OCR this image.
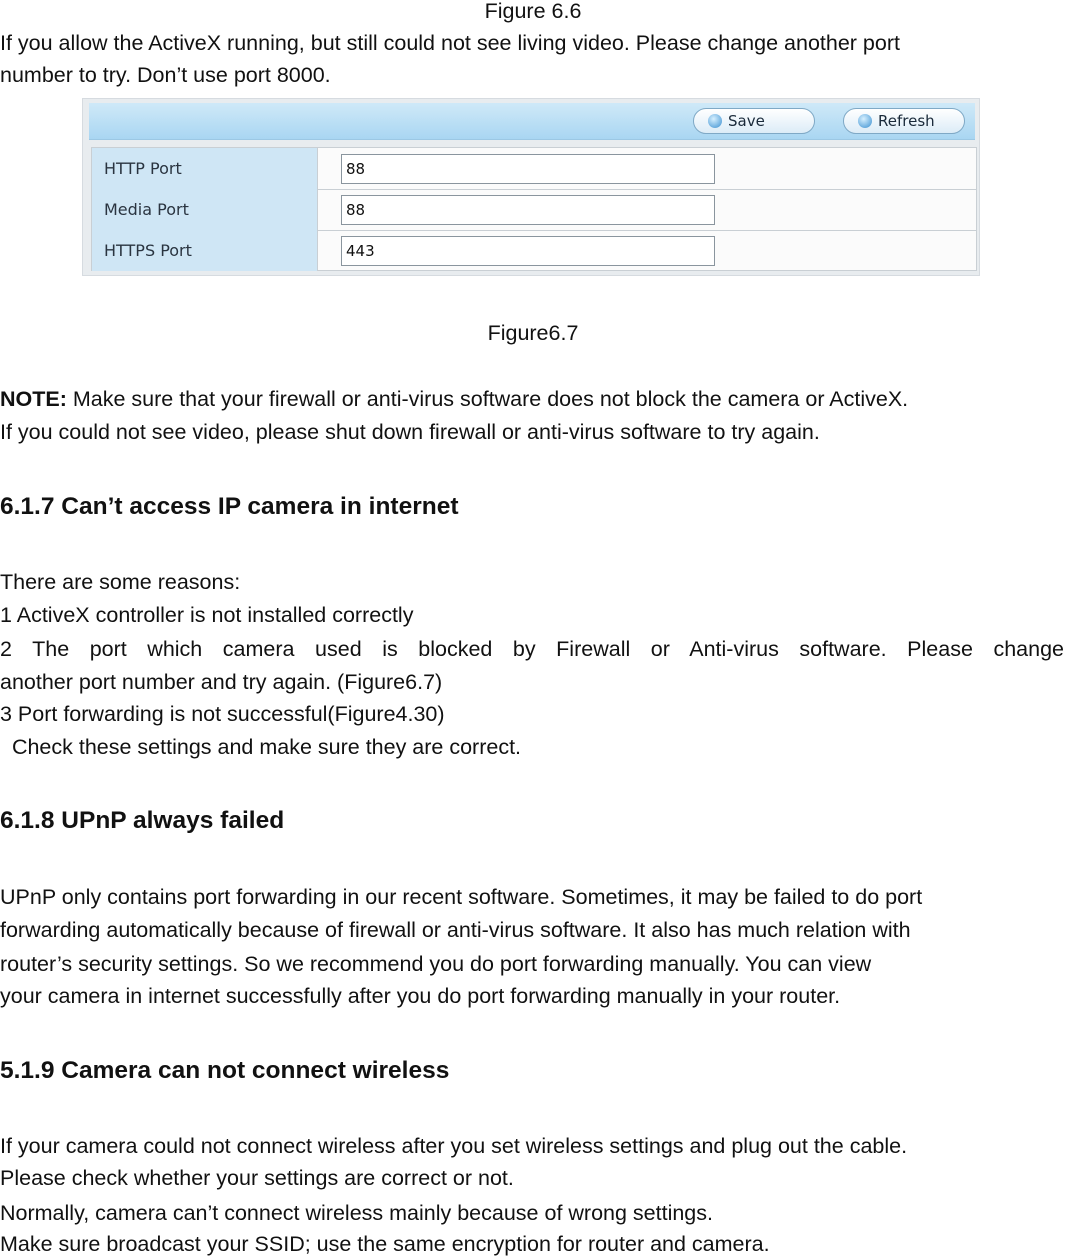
Figure 6.6
If you allow the ActiveX running, but still could not see living video. Please change another port
number to try. Don’t use port 8000.
Save	Refresh
HTTP Port
88
Media Port
88
HTTPS Port
443
Figure6.7
NOTE: Make sure that your firewall or anti-virus software does not block the camera or ActiveX.
If you could not see video, please shut down firewall or anti-virus software to try again.
6.1.7 Can’t access IP camera in internet
There are some reasons:
1 ActiveX controller is not installed correctly
2 The port which camera used is blocked by Firewall or Anti-virus software. Please change
another port number and try again. (Figure6.7)
3 Port forwarding is not successful(Figure4.30)
Check these settings and make sure they are correct.
6.1.8 UPnP always failed
UPnP only contains port forwarding in our recent software. Sometimes, it may be failed to do port
forwarding automatically because of firewall or anti-virus software. It also has much relation with
router’s security settings. So we recommend you do port forwarding manually. You can view
your camera in internet successfully after you do port forwarding manually in your router.
5.1.9 Camera can not connect wireless
If your camera could not connect wireless after you set wireless settings and plug out the cable.
Please check whether your settings are correct or not.
Normally, camera can’t connect wireless mainly because of wrong settings.
Make sure broadcast your SSID; use the same encryption for router and camera.
